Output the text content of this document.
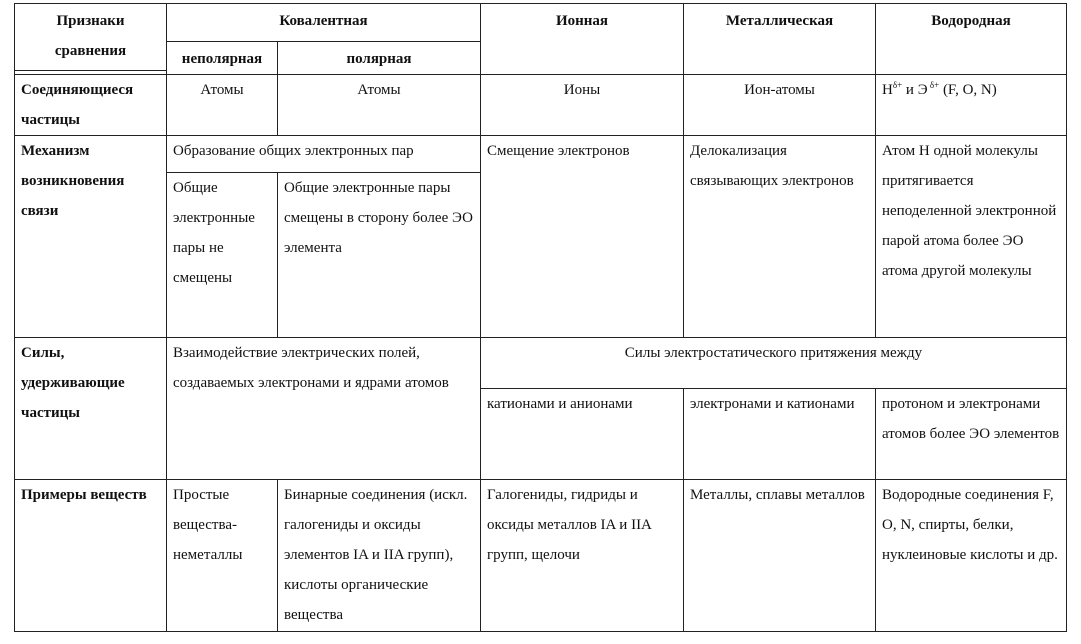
Признаки
сравнения	Ковалентная		Ионная	Металлическая	Водородная
	неполярная	полярная			

Соединяющиеся частицы	Атомы	Атомы	Ионы	Ион-атомы	$H^{\delta+}$ и Э $^{\delta+}$ (F, O, N)
Механизм возникновения связи	Образование общих электронных пар		Смещение электронов	Делокализация связывающих электронов	Атом H одной молекулы притягивается неподеленной электронной парой атома более ЭО атома другой молекулы
	Общие электронные пары не смещены	Общие электронные пары смещены в сторону более ЭО элемента			
Силы, удерживающие частицы	Взаимодействие электрических полей, создаваемых электронами и ядрами атомов		Силы электростатического притяжения между		
			катионами и анионами	электронами и катионами	протоном и электронами атомов более ЭО элементов
Примеры веществ	Простые вещества-неметаллы	Бинарные соединения (искл. галогениды и оксиды элементов IA и IIA групп), кислоты органические вещества	Галогениды, гидриды и оксиды металлов IA и IIA групп, щелочи	Металлы, сплавы металлов	Водородные соединения F, O, N, спирты, белки, нуклеиновые кислоты и др.
